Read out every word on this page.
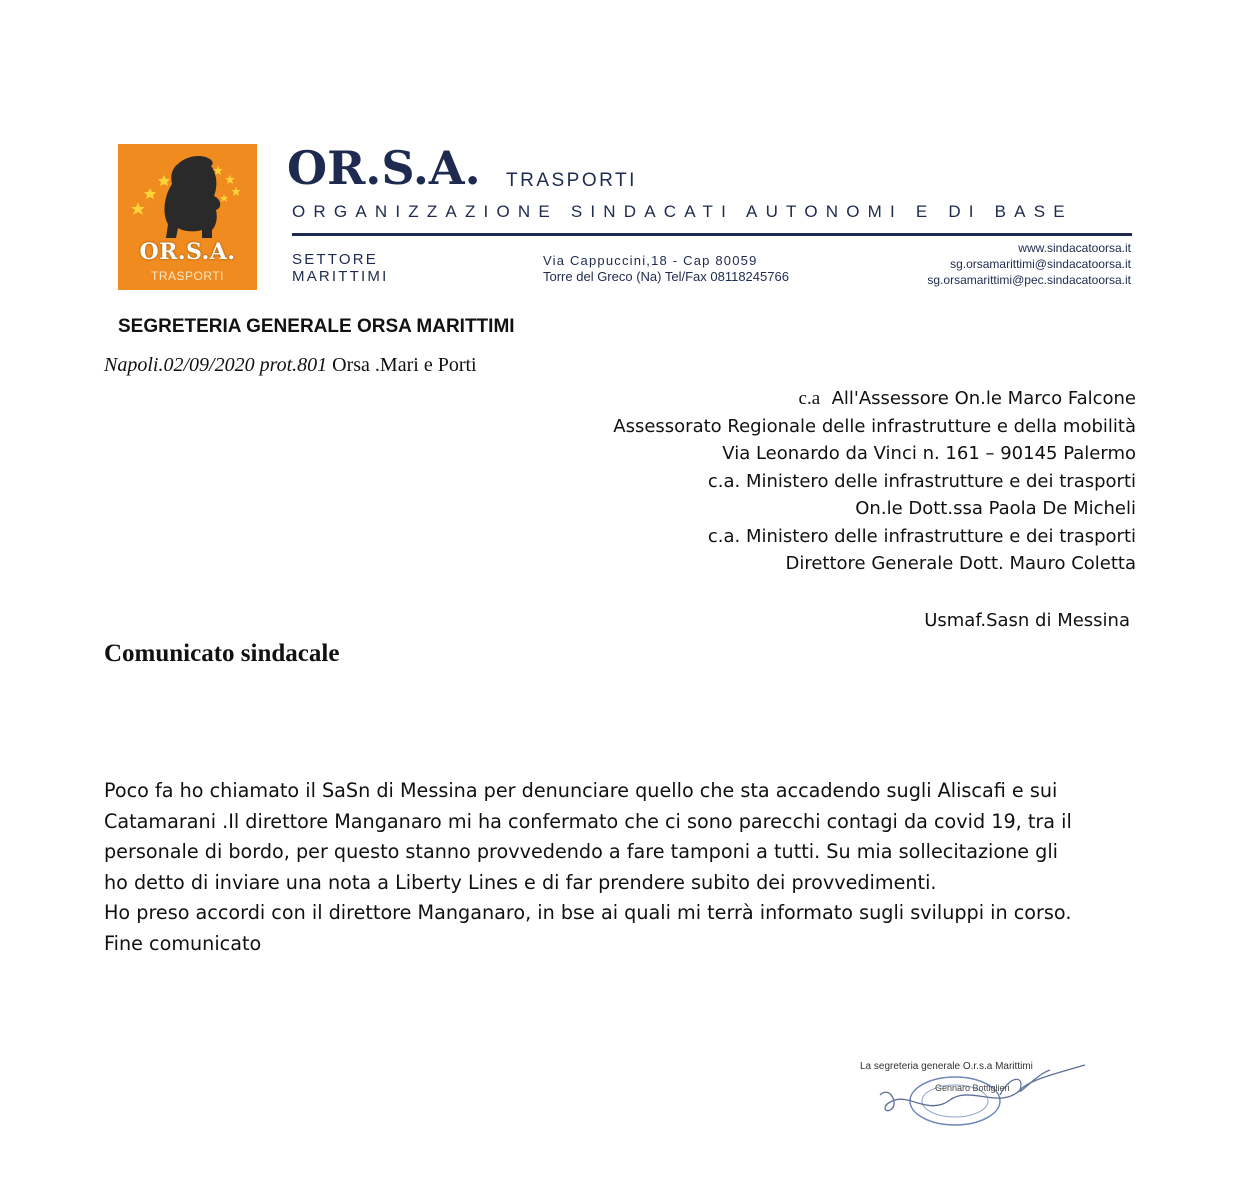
OR.S.A.
TRASPORTI
OR.S.A. TRASPORTI
ORGANIZZAZIONE SINDACATI AUTONOMI E DI BASE
SETTORE
MARITTIMI
Via Cappuccini,18 - Cap 80059
Torre del Greco (Na) Tel/Fax 08118245766
www.sindacatoorsa.it
sg.orsamarittimi@sindacatoorsa.it
sg.orsamarittimi@pec.sindacatoorsa.it
SEGRETERIA GENERALE ORSA MARITTIMI
Napoli.02/09/2020 prot.801 Orsa .Mari e Porti
c.a  All'Assessore On.le Marco Falcone
Assessorato Regionale delle infrastrutture e della mobilità
Via Leonardo da Vinci n. 161 – 90145 Palermo
c.a. Ministero delle infrastrutture e dei trasporti
On.le Dott.ssa Paola De Micheli
c.a. Ministero delle infrastrutture e dei trasporti
Direttore Generale Dott. Mauro Coletta
Usmaf.Sasn di Messina
Comunicato sindacale

Poco fa ho chiamato il SaSn di Messina per denunciare quello che sta accadendo sugli Aliscafi e sui

Catamarani .Il direttore Manganaro mi ha confermato che ci sono parecchi contagi da covid 19, tra il

personale di bordo, per questo stanno provvedendo a fare tamponi a tutti. Su mia sollecitazione gli

ho detto di inviare una nota a Liberty Lines e di far prendere subito dei provvedimenti.

Ho preso accordi con il direttore Manganaro, in bse ai quali mi terrà informato sugli sviluppi in corso.

Fine comunicato

La segreteria generale O.r.s.a Marittimi
Gennaro Bottiglieri
